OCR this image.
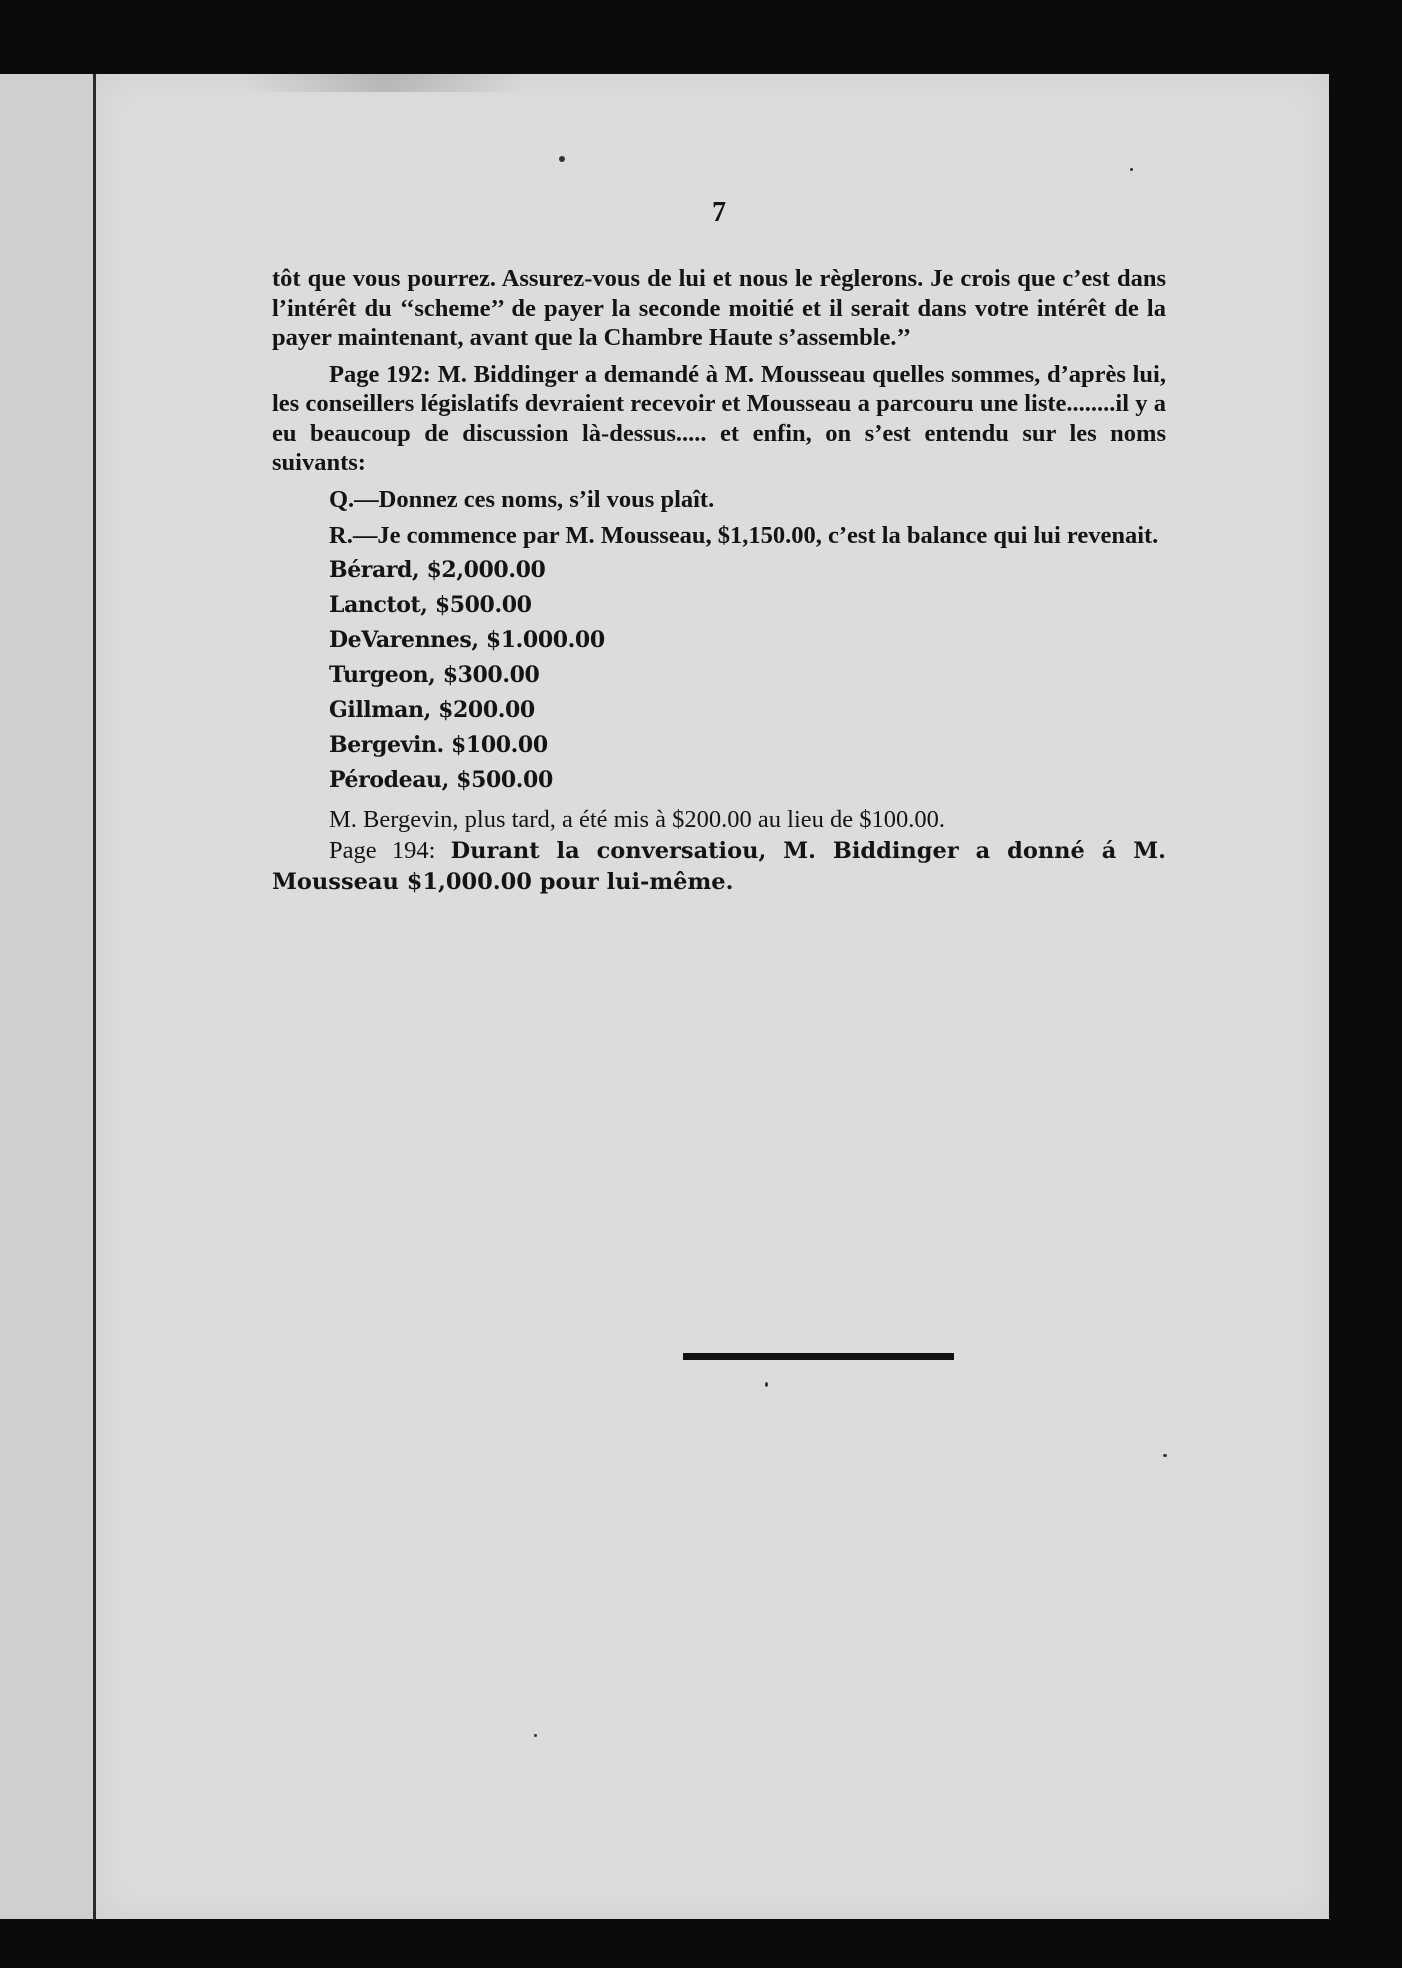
7

tôt que vous pourrez. Assurez-vous de lui et nous le règlerons. Je crois que c’est dans l’intérêt du ‘‘scheme’’ de payer la seconde moitié et il serait dans votre intérêt de la payer maintenant, avant que la Chambre Haute s’assemble.’’

Page 192: M. Biddinger a demandé à M. Mousseau quelles sommes, d’après lui, les conseillers législatifs devraient recevoir et Mousseau a parcouru une liste........il y a eu beaucoup de discussion là-dessus..... et enfin, on s’est entendu sur les noms suivants:

Q.—Donnez ces noms, s’il vous plaît.

R.—Je commence par M. Mousseau, $1,150.00, c’est la balance qui lui revenait.

Bérard, $2,000.00
Lanctot, $500.00
DeVarennes, $1.000.00
Turgeon, $300.00
Gillman, $200.00
Bergevin. $100.00
Pérodeau, $500.00

M. Bergevin, plus tard, a été mis à $200.00 au lieu de $100.00.

Page 194: Durant la conversatiou, M. Biddinger a donné á M. Mousseau $1,000.00 pour lui-même.
